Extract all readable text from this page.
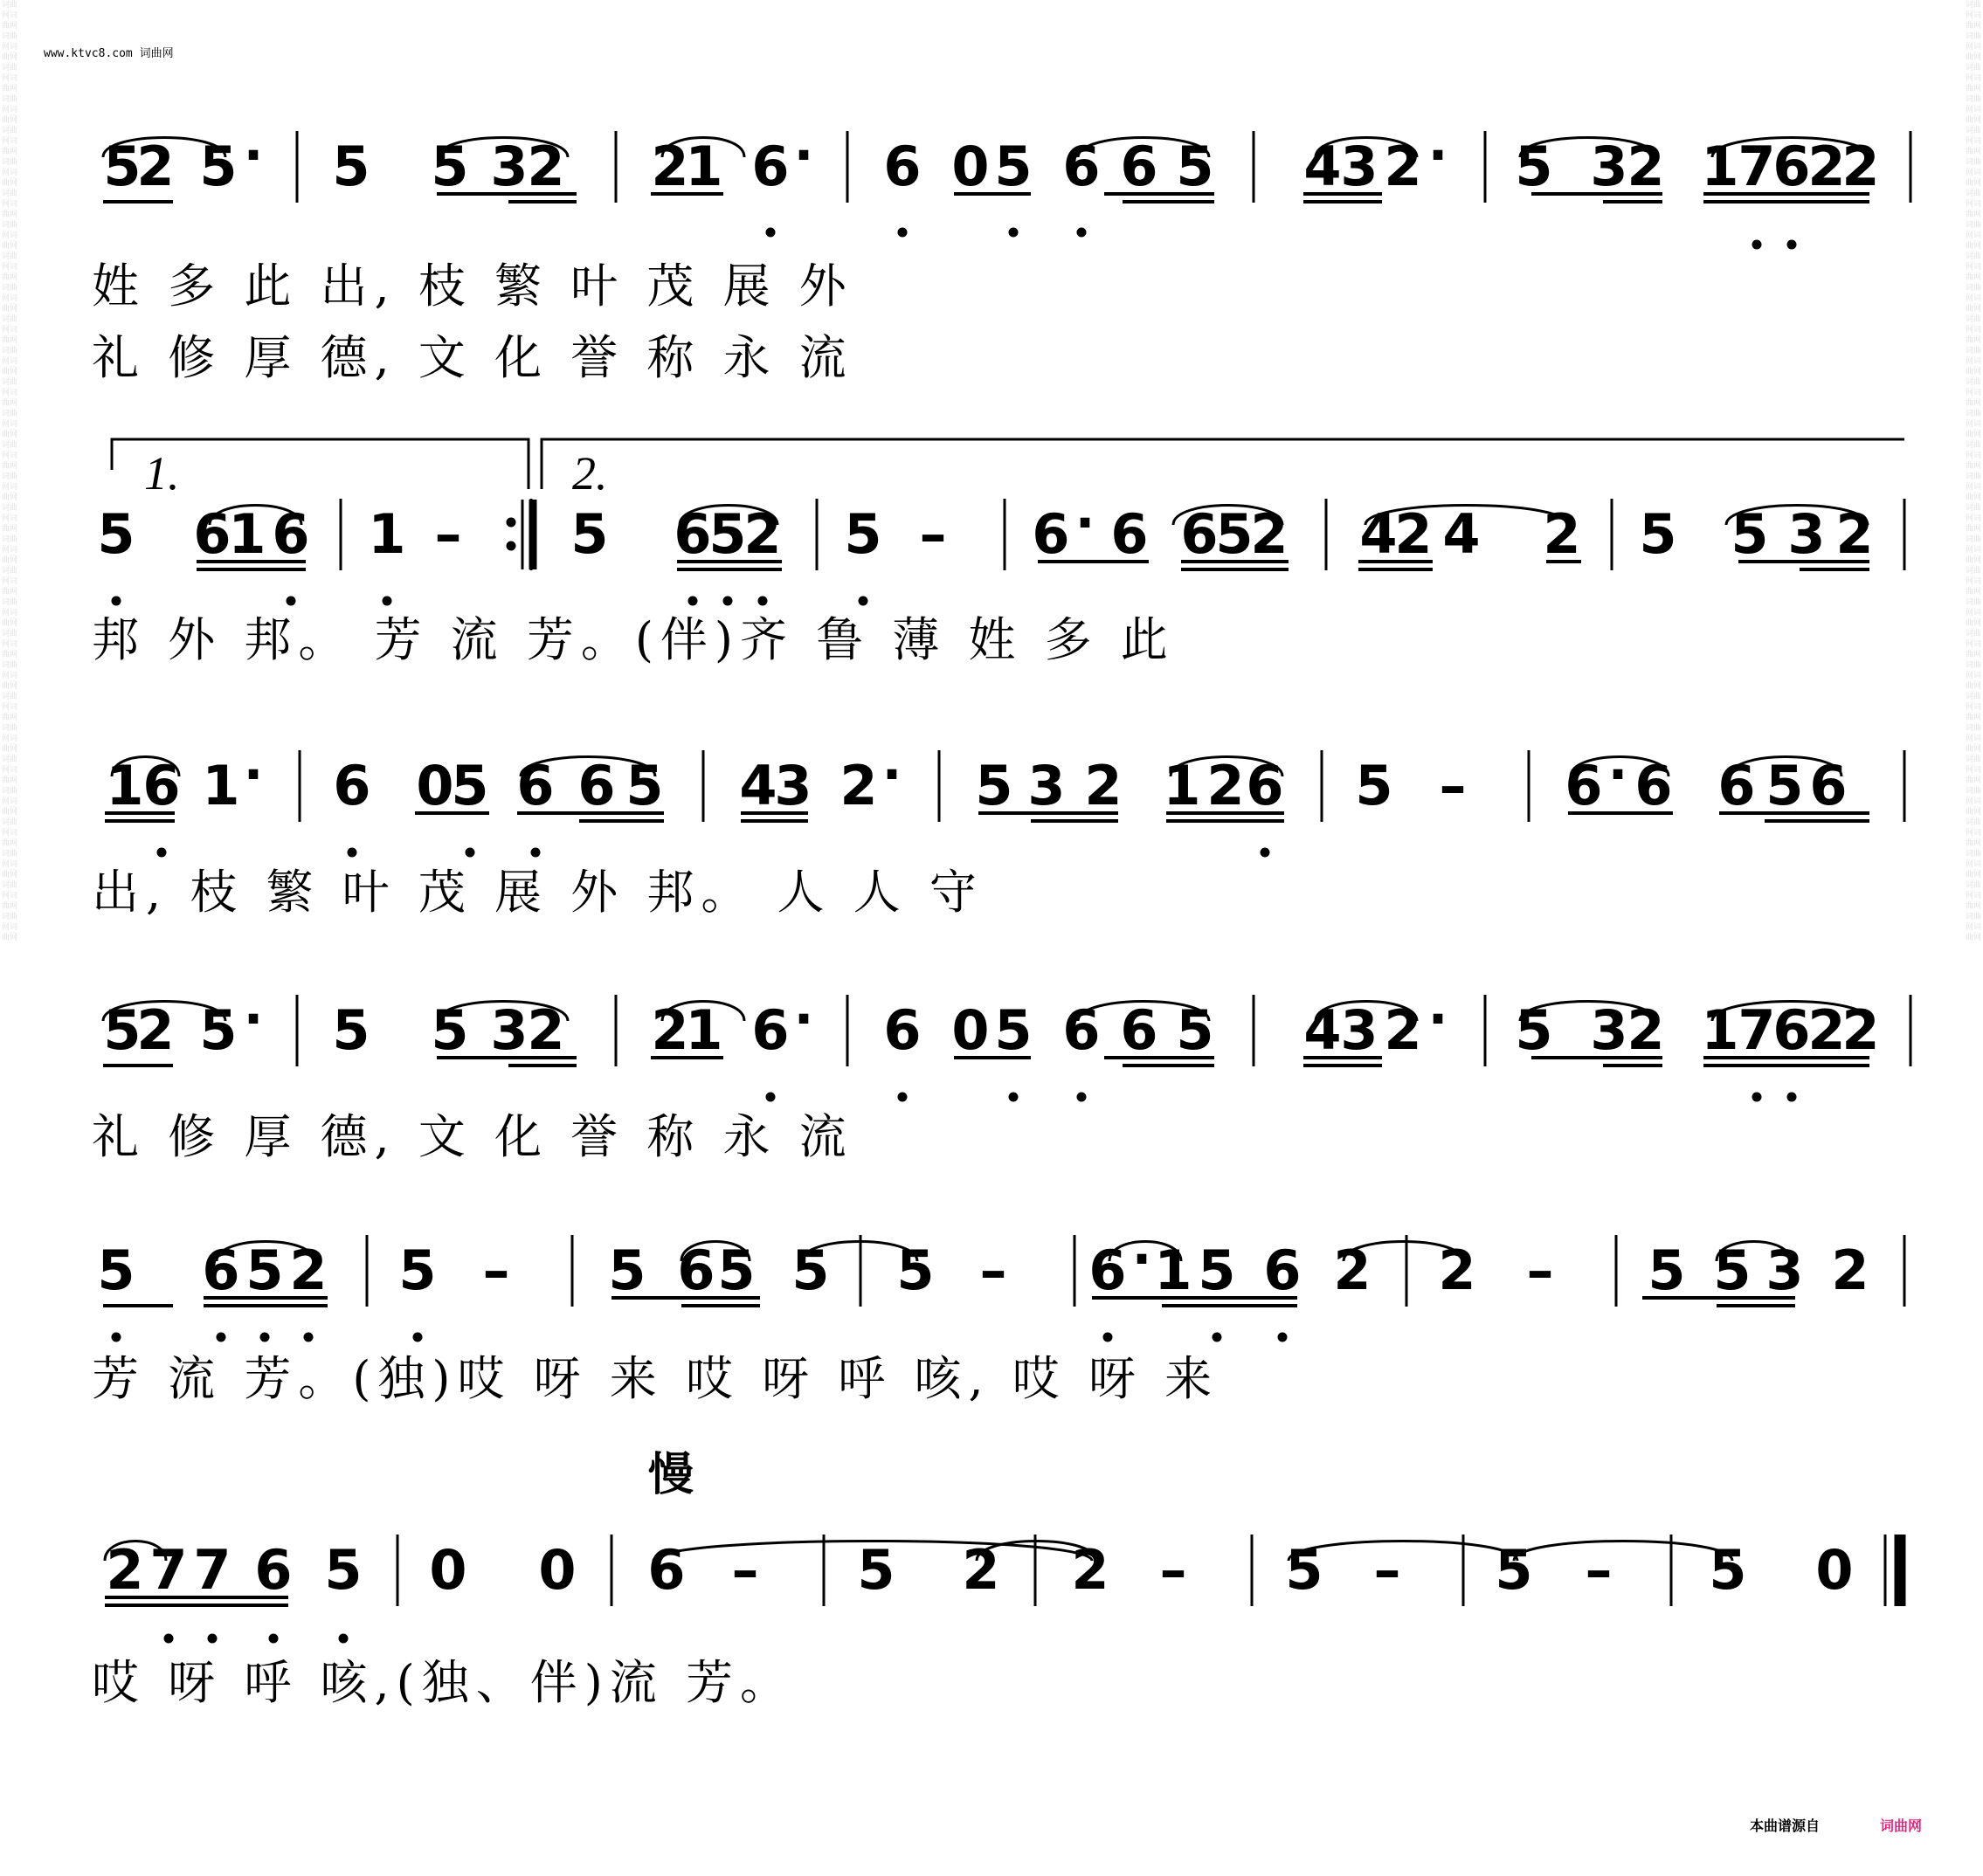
www.ktvc8.com 词曲网
本曲谱源自	词曲网
词曲网词曲网词曲网词曲网词曲网词曲网词曲网词曲网词曲网词曲网词曲网词曲网词曲网词曲网词曲网词曲网词曲网词曲网词曲网词曲网词曲网词曲网词曲网词曲网词曲网词曲网词曲网词曲网词曲网词曲网词曲网词曲网词曲网词曲网词曲网词曲网词曲网词曲网词曲网词曲网词曲网词曲网词曲网词曲网词曲网词曲网词曲网词曲网词曲网词曲网词曲网词曲网词曲网词曲网词曲网词曲网词曲网词曲网词曲网词曲网
词曲网词曲网词曲网词曲网词曲网词曲网词曲网词曲网词曲网词曲网词曲网词曲网词曲网词曲网词曲网词曲网词曲网词曲网词曲网词曲网词曲网词曲网词曲网词曲网词曲网词曲网词曲网词曲网词曲网词曲网词曲网词曲网词曲网词曲网词曲网词曲网词曲网词曲网词曲网词曲网词曲网词曲网词曲网词曲网词曲网词曲网词曲网词曲网词曲网词曲网词曲网词曲网词曲网词曲网词曲网词曲网词曲网词曲网词曲网词曲网
5
2 5 · 5 5 3
2 2
1 6 · 6 0 5 6 6 5 4
3 2 · 5 3
2 1
7
6
2
2
5 6
1 6 1 – 5 6
5
2 5 – 6 · 6 6
5
2 4
2 4 2 5 5 3 2
1
6 1 · 6 0
5 6 6 5 4
3 2 · 5 3 2 1 2 6 5 – 6 · 6 6 5 6
5
2 5 · 5 5 3
2 2
1 6 · 6 0 5 6 6 5 4
3 2 · 5 3
2 1
7
6
2
2
5 6 5 2 5 – 5 6 5 5 5 – 6 · 1 5 6 2 2 – 5 5 3 2
2 7 7 6 5 0 0 6 – 5 2 2 – 5 – 5 – 5 0
1.	2.
慢
姓 多 此 出, 枝 繁 叶 茂 展 外
礼 修 厚 德, 文 化 誉 称 永 流
邦 外 邦。 芳 流 芳。(伴)齐 鲁 薄 姓 多 此
出, 枝 繁 叶 茂 展 外 邦。 人 人 守
礼 修 厚 德, 文 化 誉 称 永 流
芳 流 芳。(独)哎 呀 来 哎 呀 呼 咳, 哎 呀 来
哎 呀 呼 咳,(独、伴)流 芳。
